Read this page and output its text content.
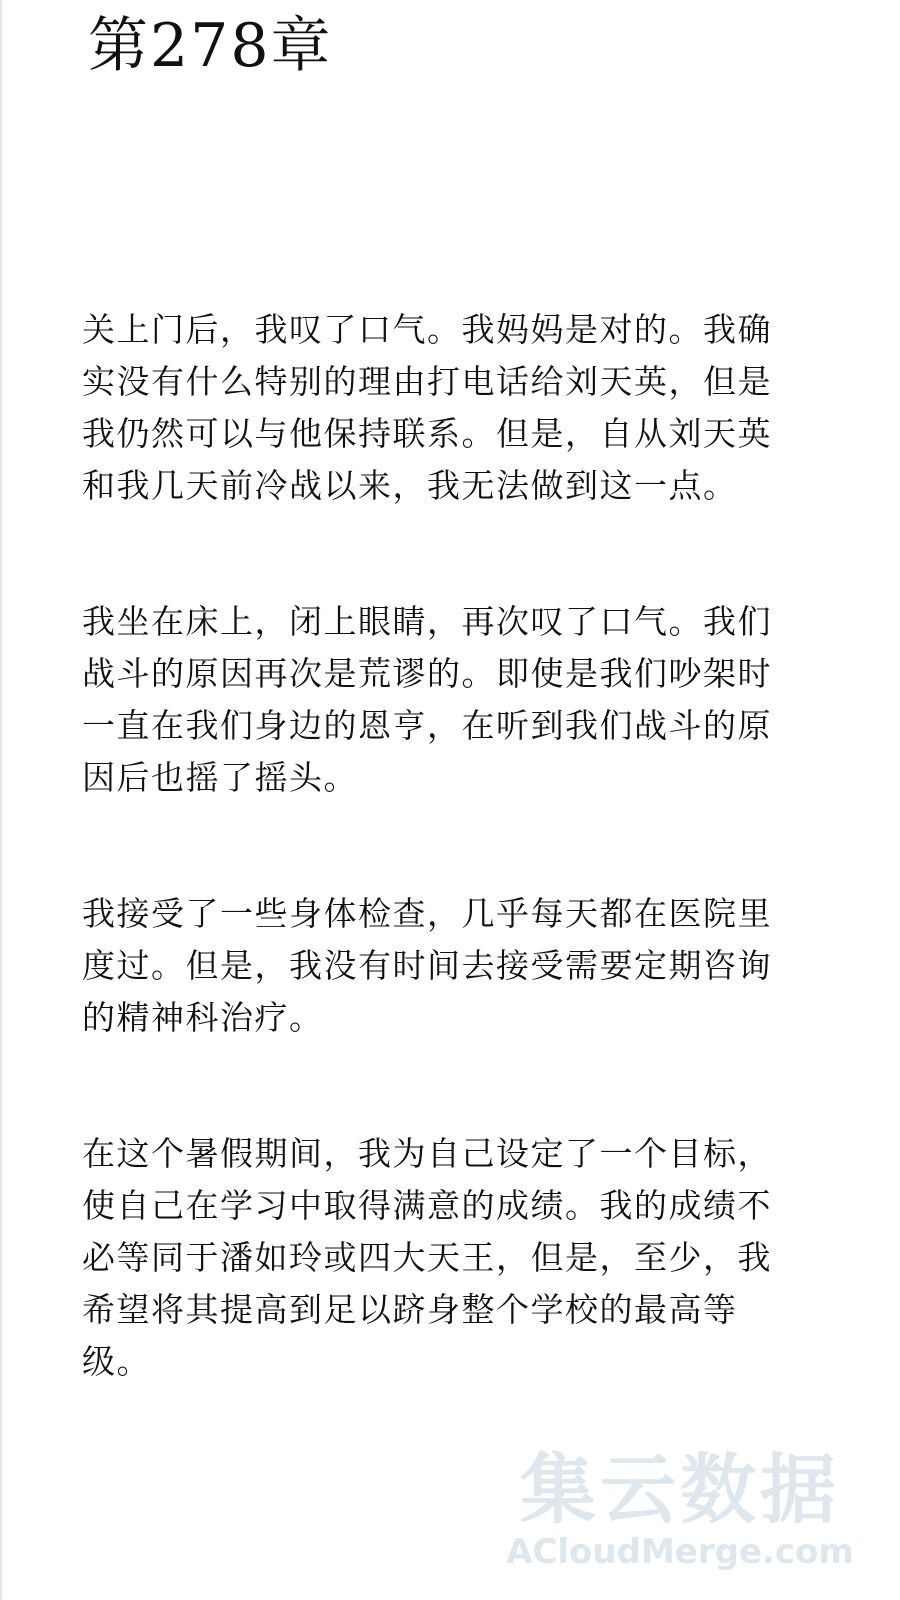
第278章

关上门后，我叹了口气。我妈妈是对的。我确实没有什么特别的理由打电话给刘天英，但是我仍然可以与他保持联系。但是，自从刘天英和我几天前冷战以来，我无法做到这一点。

我坐在床上，闭上眼睛，再次叹了口气。我们战斗的原因再次是荒谬的。即使是我们吵架时一直在我们身边的恩亨，在听到我们战斗的原因后也摇了摇头。

我接受了一些身体检查，几乎每天都在医院里度过。但是，我没有时间去接受需要定期咨询的精神科治疗。

在这个暑假期间，我为自己设定了一个目标，使自己在学习中取得满意的成绩。我的成绩不必等同于潘如玲或四大天王，但是，至少，我希望将其提高到足以跻身整个学校的最高等级。

集云数据
ACloudMerge.com
